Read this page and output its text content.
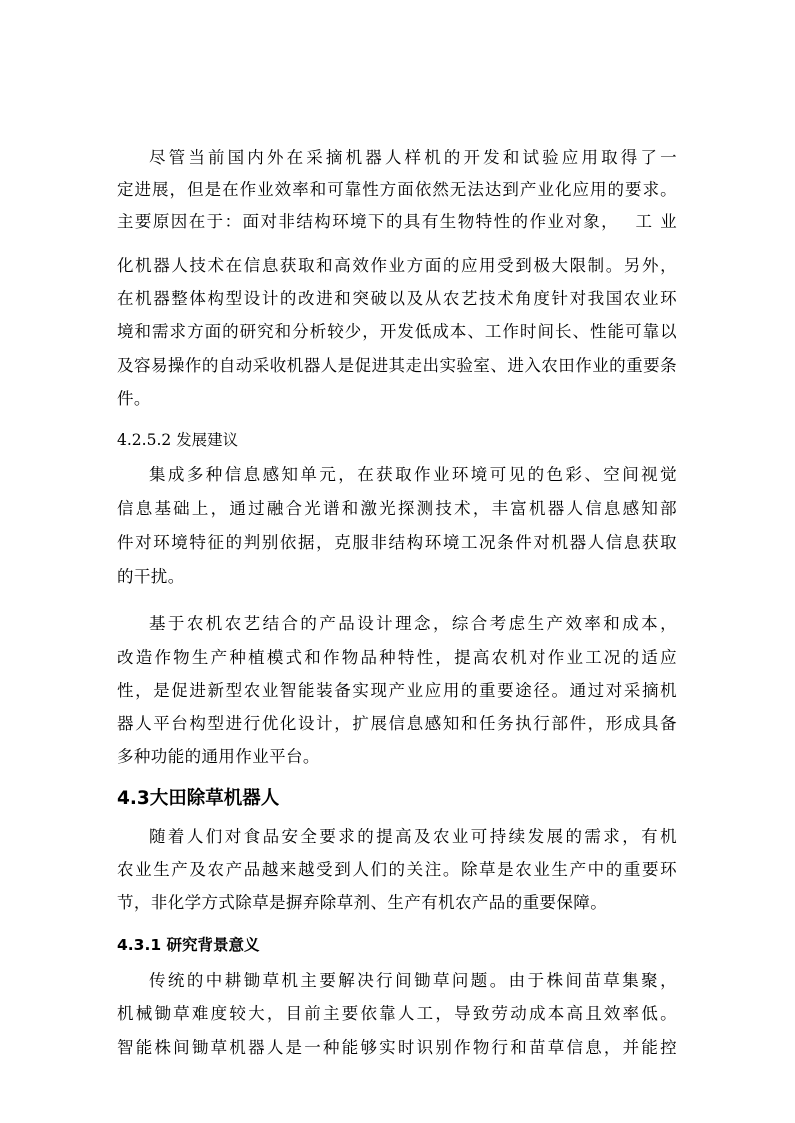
尽管当前国内外在采摘机器人样机的开发和试验应用取得了一
定进展，但是在作业效率和可靠性方面依然无法达到产业化应用的要求。
主要原因在于：面对非结构环境下的具有生物特性的作业对象，　 工 业
化机器人技术在信息获取和高效作业方面的应用受到极大限制。另外，
在机器整体构型设计的改进和突破以及从农艺技术角度针对我国农业环
境和需求方面的研究和分析较少，开发低成本、工作时间长、性能可靠以
及容易操作的自动采收机器人是促进其走出实验室、进入农田作业的重要条
件。
4.2.5.2 发展建议
集成多种信息感知单元，在获取作业环境可见的色彩、空间视觉
信息基础上，通过融合光谱和激光探测技术，丰富机器人信息感知部
件对环境特征的判别依据，克服非结构环境工况条件对机器人信息获取
的干扰。
基于农机农艺结合的产品设计理念，综合考虑生产效率和成本，
改造作物生产种植模式和作物品种特性，提高农机对作业工况的适应
性，是促进新型农业智能装备实现产业应用的重要途径。通过对采摘机
器人平台构型进行优化设计，扩展信息感知和任务执行部件，形成具备
多种功能的通用作业平台。
4.3大田除草机器人
随着人们对食品安全要求的提高及农业可持续发展的需求，有机
农业生产及农产品越来越受到人们的关注。除草是农业生产中的重要环
节，非化学方式除草是摒弃除草剂、生产有机农产品的重要保障。
4.3.1 研究背景意义
传统的中耕锄草机主要解决行间锄草问题。由于株间苗草集聚，
机械锄草难度较大，目前主要依靠人工，导致劳动成本高且效率低。
智能株间锄草机器人是一种能够实时识别作物行和苗草信息，并能控
